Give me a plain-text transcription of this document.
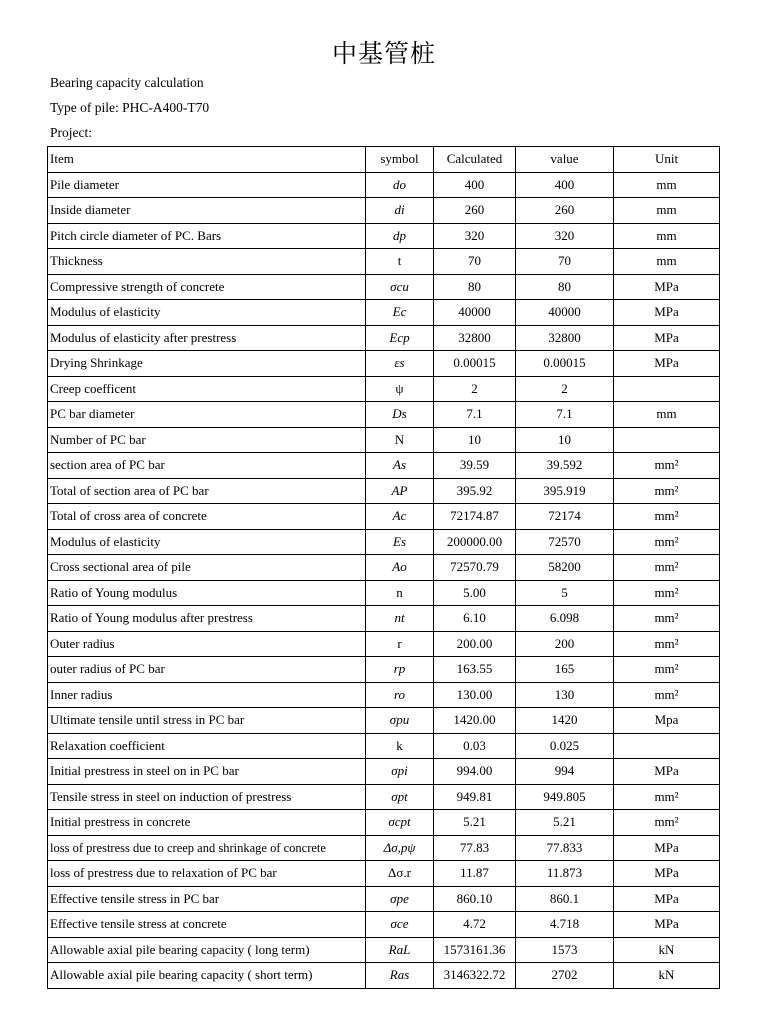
中基管桩
Bearing capacity calculation
Type of pile: PHC-A400-T70
Project:
Item	symbol	Calculated	value	Unit
Pile diameter	do	400	400	mm
Inside diameter	di	260	260	mm
Pitch circle diameter of PC. Bars	dp	320	320	mm
Thickness	t	70	70	mm
Compressive strength of concrete	σcu	80	80	MPa
Modulus of elasticity	Ec	40000	40000	MPa
Modulus of elasticity after prestress	Ecp	32800	32800	MPa
Drying Shrinkage	εs	0.00015	0.00015	MPa
Creep coefficent	ψ	2	2	
PC bar diameter	Ds	7.1	7.1	mm
Number of PC bar	N	10	10	
section area of PC bar	As	39.59	39.592	mm²
Total of section area of PC bar	AP	395.92	395.919	mm²
Total of cross area of concrete	Ac	72174.87	72174	mm²
Modulus of elasticity	Es	200000.00	72570	mm²
Cross sectional area of pile	Ao	72570.79	58200	mm²
Ratio of Young modulus	n	5.00	5	mm²
Ratio of Young modulus after prestress	nt	6.10	6.098	mm²
Outer radius	r	200.00	200	mm²
outer radius of PC bar	rp	163.55	165	mm²
Inner radius	ro	130.00	130	mm²
Ultimate tensile until stress in PC bar	σpu	1420.00	1420	Mpa
Relaxation coefficient	k	0.03	0.025	
Initial prestress in steel on in PC bar	σpi	994.00	994	MPa
Tensile stress in steel on induction of prestress	σpt	949.81	949.805	mm²
Initial prestress in concrete	σcpt	5.21	5.21	mm²
loss of prestress due to creep and shrinkage of concrete	Δσ,pψ	77.83	77.833	MPa
loss of prestress due to relaxation of PC bar	Δσ.r	11.87	11.873	MPa
Effective tensile stress in PC bar	σpe	860.10	860.1	MPa
Effective tensile stress at concrete	σce	4.72	4.718	MPa
Allowable axial pile bearing capacity ( long term)	RaL	1573161.36	1573	kN
Allowable axial pile bearing capacity ( short term)	Ras	3146322.72	2702	kN
